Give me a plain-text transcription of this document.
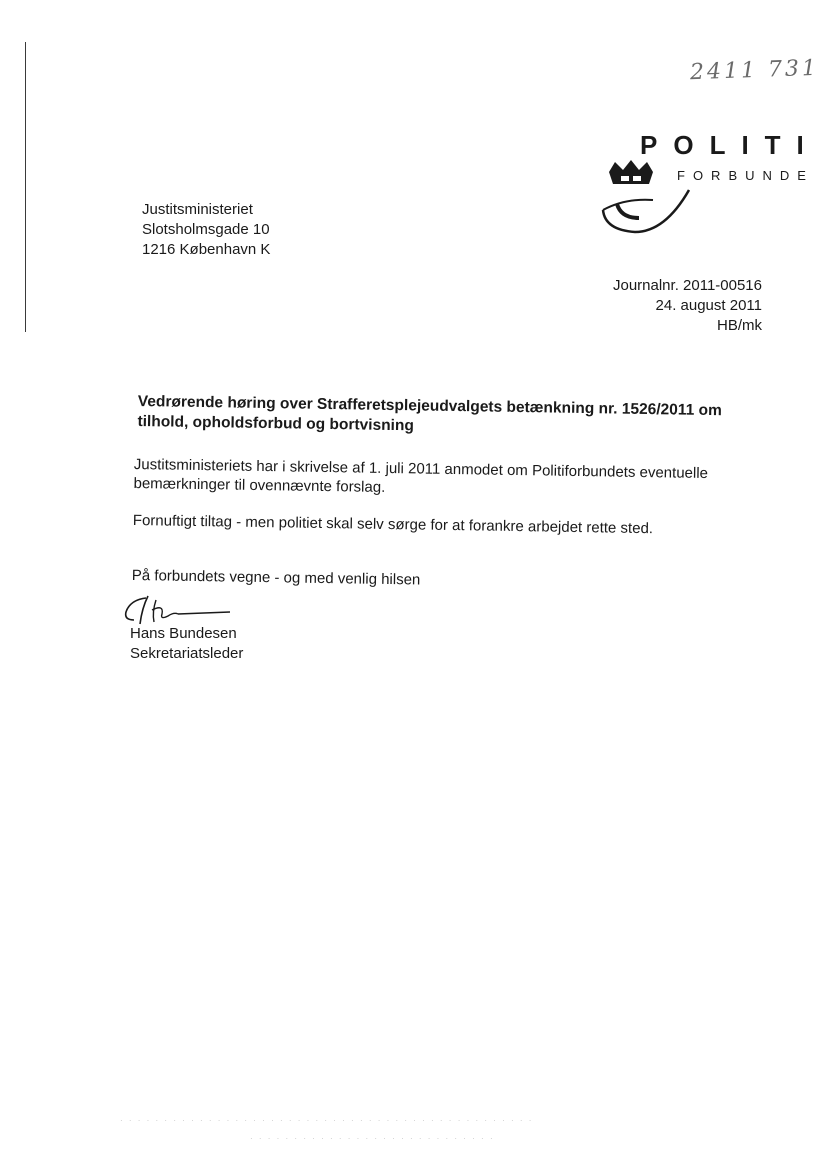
2411 731
POLITI
FORBUNDE
Justitsministeriet
Slotsholmsgade 10
1216 København K
Journalnr. 2011-00516
24. august 2011
HB/mk
Vedrørende høring over Strafferetsplejeudvalgets betænkning nr. 1526/2011 om tilhold, opholdsforbud og bortvisning
Justitsministeriets har i skrivelse af 1. juli 2011 anmodet om Politiforbundets eventuelle bemærkninger til ovennævnte forslag.
Fornuftigt tiltag - men politiet skal selv sørge for at forankre arbejdet rette sted.
På forbundets vegne - og med venlig hilsen
Hans Bundesen
Sekretariatsleder
· · · · · · · · · · · · · · · · · · · · · · · · · · · · · · · · · · · · · · · · · · · · · · ·
· · · · · · · · · · · · · · · · · · · · · · · · · · · ·
